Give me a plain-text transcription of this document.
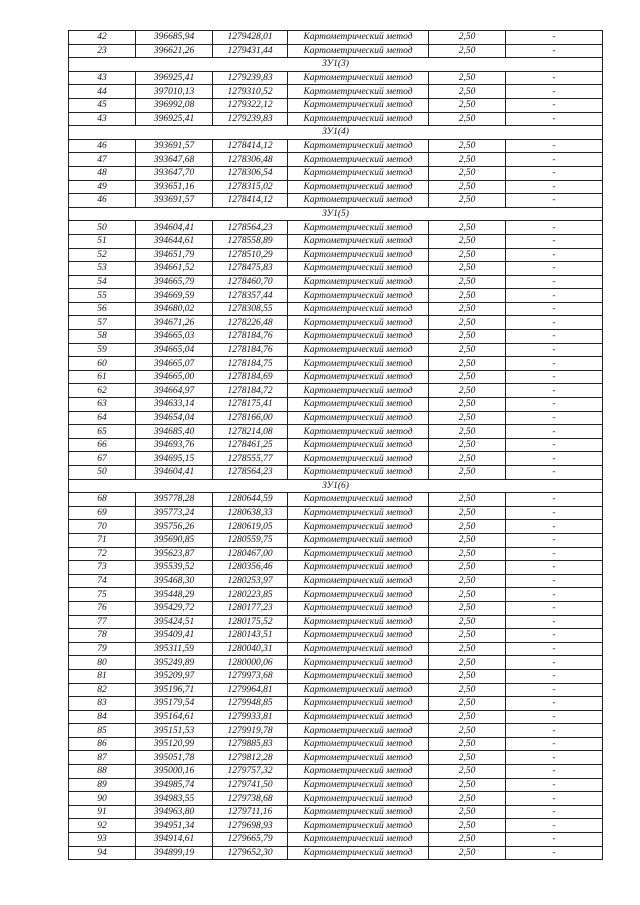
42	396685,94	1279428,01	Картометрический метод	2,50	-
23	396621,26	1279431,44	Картометрический метод	2,50	-
ЗУ1(3)					
43	396925,41	1279239,83	Картометрический метод	2,50	-
44	397010,13	1279310,52	Картометрический метод	2,50	-
45	396992,08	1279322,12	Картометрический метод	2,50	-
43	396925,41	1279239,83	Картометрический метод	2,50	-
ЗУ1(4)					
46	393691,57	1278414,12	Картометрический метод	2,50	-
47	393647,68	1278306,48	Картометрический метод	2,50	-
48	393647,70	1278306,54	Картометрический метод	2,50	-
49	393651,16	1278315,02	Картометрический метод	2,50	-
46	393691,57	1278414,12	Картометрический метод	2,50	-
ЗУ1(5)					
50	394604,41	1278564,23	Картометрический метод	2,50	-
51	394644,61	1278558,89	Картометрический метод	2,50	-
52	394651,79	1278510,29	Картометрический метод	2,50	-
53	394661,52	1278475,83	Картометрический метод	2,50	-
54	394665,79	1278460,70	Картометрический метод	2,50	-
55	394669,59	1278357,44	Картометрический метод	2,50	-
56	394680,02	1278308,55	Картометрический метод	2,50	-
57	394671,26	1278226,48	Картометрический метод	2,50	-
58	394665,03	1278184,76	Картометрический метод	2,50	-
59	394665,04	1278184,76	Картометрический метод	2,50	-
60	394665,07	1278184,75	Картометрический метод	2,50	-
61	394665,00	1278184,69	Картометрический метод	2,50	-
62	394664,97	1278184,72	Картометрический метод	2,50	-
63	394633,14	1278175,41	Картометрический метод	2,50	-
64	394654,04	1278166,00	Картометрический метод	2,50	-
65	394685,40	1278214,08	Картометрический метод	2,50	-
66	394693,76	1278461,25	Картометрический метод	2,50	-
67	394695,15	1278555,77	Картометрический метод	2,50	-
50	394604,41	1278564,23	Картометрический метод	2,50	-
ЗУ1(6)					
68	395778,28	1280644,59	Картометрический метод	2,50	-
69	395773,24	1280638,33	Картометрический метод	2,50	-
70	395756,26	1280619,05	Картометрический метод	2,50	-
71	395690,85	1280559,75	Картометрический метод	2,50	-
72	395623,87	1280467,00	Картометрический метод	2,50	-
73	395539,52	1280356,46	Картометрический метод	2,50	-
74	395468,30	1280253,97	Картометрический метод	2,50	-
75	395448,29	1280223,85	Картометрический метод	2,50	-
76	395429,72	1280177,23	Картометрический метод	2,50	-
77	395424,51	1280175,52	Картометрический метод	2,50	-
78	395409,41	1280143,51	Картометрический метод	2,50	-
79	395311,59	1280040,31	Картометрический метод	2,50	-
80	395249,89	1280000,06	Картометрический метод	2,50	-
81	395209,97	1279973,68	Картометрический метод	2,50	-
82	395196,71	1279964,81	Картометрический метод	2,50	-
83	395179,54	1279948,85	Картометрический метод	2,50	-
84	395164,61	1279933,81	Картометрический метод	2,50	-
85	395151,53	1279919,78	Картометрический метод	2,50	-
86	395120,99	1279885,83	Картометрический метод	2,50	-
87	395051,78	1279812,28	Картометрический метод	2,50	-
88	395000,16	1279757,32	Картометрический метод	2,50	-
89	394985,74	1279741,50	Картометрический метод	2,50	-
90	394983,55	1279738,68	Картометрический метод	2,50	-
91	394963,80	1279711,16	Картометрический метод	2,50	-
92	394951,34	1279698,93	Картометрический метод	2,50	-
93	394914,61	1279665,79	Картометрический метод	2,50	-
94	394899,19	1279652,30	Картометрический метод	2,50	-
